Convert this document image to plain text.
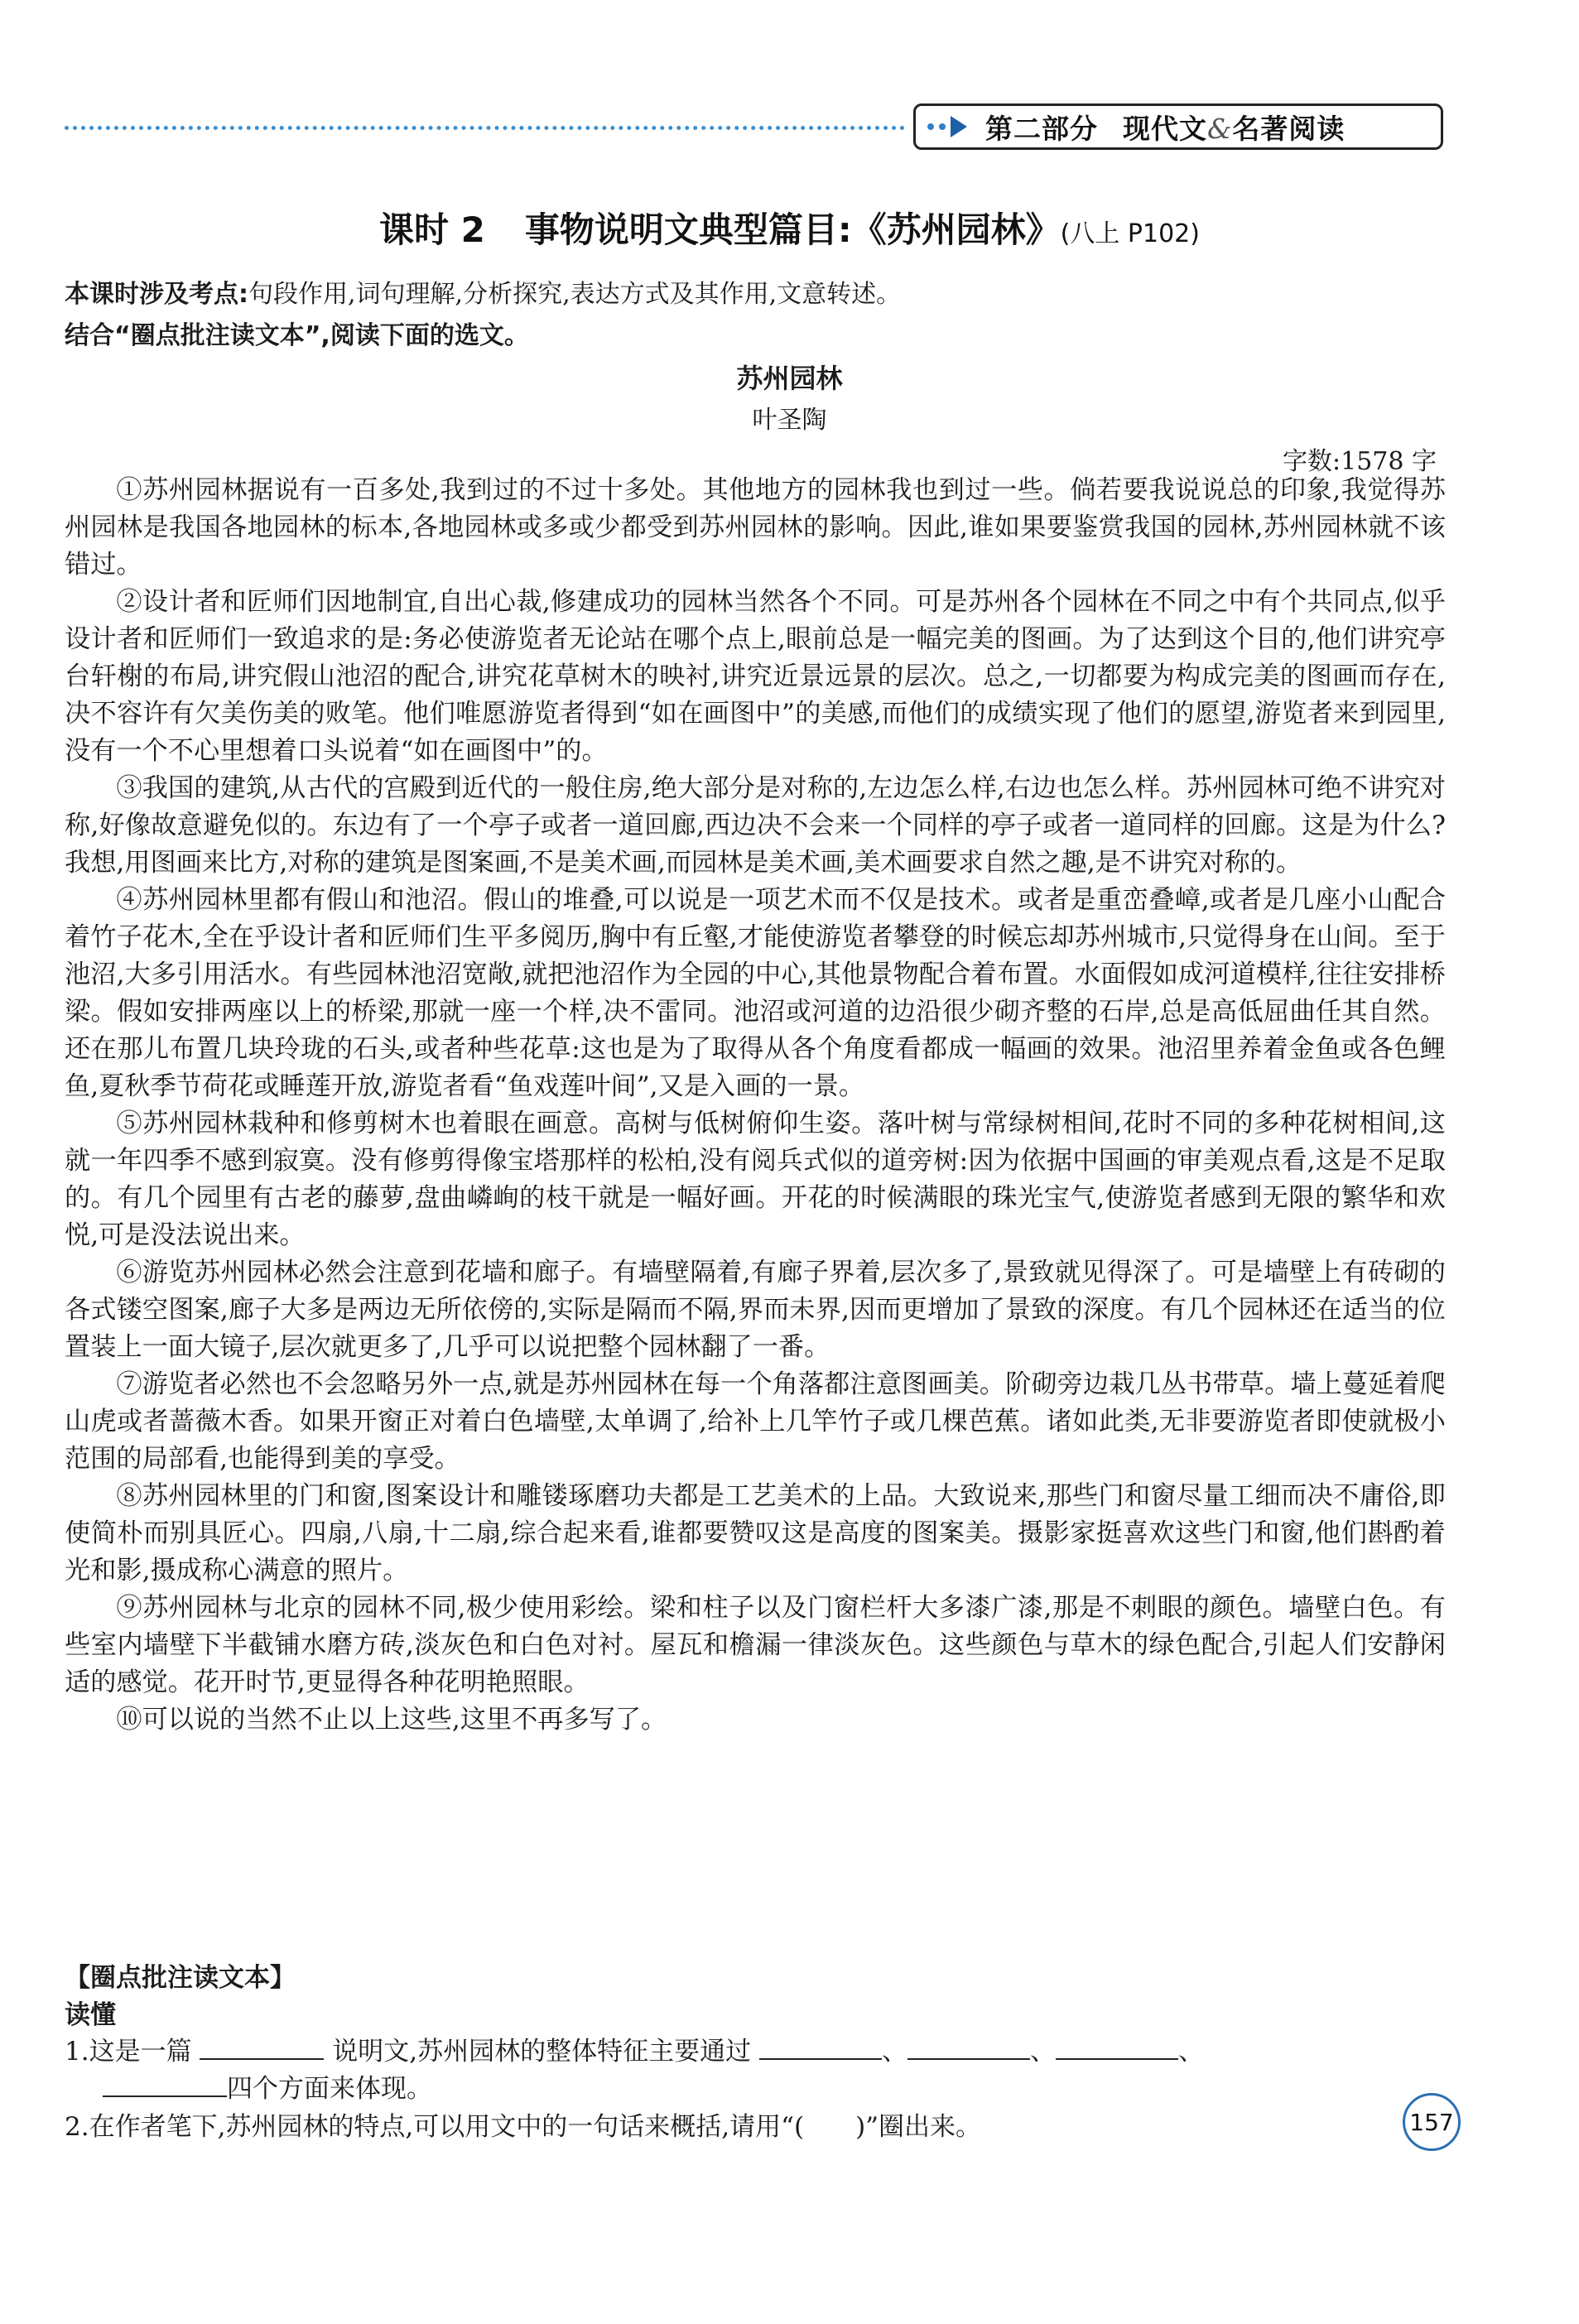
第二部分 现代文&名著阅读
课时 2 事物说明文典型篇目:《苏州园林》(八上 P102)
本课时涉及考点:句段作用,词句理解,分析探究,表达方式及其作用,文意转述。
结合“圈点批注读文本”,阅读下面的选文。
苏州园林
叶圣陶
字数:1578 字

①苏州园林据说有一百多处,我到过的不过十多处。其他地方的园林我也到过一些。倘若要我说说总的印象,我觉得苏州园林是我国各地园林的标本,各地园林或多或少都受到苏州园林的影响。因此,谁如果要鉴赏我国的园林,苏州园林就不该错过。

②设计者和匠师们因地制宜,自出心裁,修建成功的园林当然各个不同。可是苏州各个园林在不同之中有个共同点,似乎设计者和匠师们一致追求的是:务必使游览者无论站在哪个点上,眼前总是一幅完美的图画。为了达到这个目的,他们讲究亭台轩榭的布局,讲究假山池沼的配合,讲究花草树木的映衬,讲究近景远景的层次。总之,一切都要为构成完美的图画而存在,决不容许有欠美伤美的败笔。他们唯愿游览者得到“如在画图中”的美感,而他们的成绩实现了他们的愿望,游览者来到园里,没有一个不心里想着口头说着“如在画图中”的。

③我国的建筑,从古代的宫殿到近代的一般住房,绝大部分是对称的,左边怎么样,右边也怎么样。苏州园林可绝不讲究对称,好像故意避免似的。东边有了一个亭子或者一道回廊,西边决不会来一个同样的亭子或者一道同样的回廊。这是为什么?我想,用图画来比方,对称的建筑是图案画,不是美术画,而园林是美术画,美术画要求自然之趣,是不讲究对称的。

④苏州园林里都有假山和池沼。假山的堆叠,可以说是一项艺术而不仅是技术。或者是重峦叠嶂,或者是几座小山配合着竹子花木,全在乎设计者和匠师们生平多阅历,胸中有丘壑,才能使游览者攀登的时候忘却苏州城市,只觉得身在山间。至于池沼,大多引用活水。有些园林池沼宽敞,就把池沼作为全园的中心,其他景物配合着布置。水面假如成河道模样,往往安排桥梁。假如安排两座以上的桥梁,那就一座一个样,决不雷同。池沼或河道的边沿很少砌齐整的石岸,总是高低屈曲任其自然。还在那儿布置几块玲珑的石头,或者种些花草:这也是为了取得从各个角度看都成一幅画的效果。池沼里养着金鱼或各色鲤鱼,夏秋季节荷花或睡莲开放,游览者看“鱼戏莲叶间”,又是入画的一景。

⑤苏州园林栽种和修剪树木也着眼在画意。高树与低树俯仰生姿。落叶树与常绿树相间,花时不同的多种花树相间,这就一年四季不感到寂寞。没有修剪得像宝塔那样的松柏,没有阅兵式似的道旁树:因为依据中国画的审美观点看,这是不足取的。有几个园里有古老的藤萝,盘曲嶙峋的枝干就是一幅好画。开花的时候满眼的珠光宝气,使游览者感到无限的繁华和欢悦,可是没法说出来。

⑥游览苏州园林必然会注意到花墙和廊子。有墙壁隔着,有廊子界着,层次多了,景致就见得深了。可是墙壁上有砖砌的各式镂空图案,廊子大多是两边无所依傍的,实际是隔而不隔,界而未界,因而更增加了景致的深度。有几个园林还在适当的位置装上一面大镜子,层次就更多了,几乎可以说把整个园林翻了一番。

⑦游览者必然也不会忽略另外一点,就是苏州园林在每一个角落都注意图画美。阶砌旁边栽几丛书带草。墙上蔓延着爬山虎或者蔷薇木香。如果开窗正对着白色墙壁,太单调了,给补上几竿竹子或几棵芭蕉。诸如此类,无非要游览者即使就极小范围的局部看,也能得到美的享受。

⑧苏州园林里的门和窗,图案设计和雕镂琢磨功夫都是工艺美术的上品。大致说来,那些门和窗尽量工细而决不庸俗,即使简朴而别具匠心。四扇,八扇,十二扇,综合起来看,谁都要赞叹这是高度的图案美。摄影家挺喜欢这些门和窗,他们斟酌着光和影,摄成称心满意的照片。

⑨苏州园林与北京的园林不同,极少使用彩绘。梁和柱子以及门窗栏杆大多漆广漆,那是不刺眼的颜色。墙壁白色。有些室内墙壁下半截铺水磨方砖,淡灰色和白色对衬。屋瓦和檐漏一律淡灰色。这些颜色与草木的绿色配合,引起人们安静闲适的感觉。花开时节,更显得各种花明艳照眼。

⑩可以说的当然不止以上这些,这里不再多写了。

【圈点批注读文本】
读懂
1.这是一篇	说明文,苏州园林的整体特征主要通过	、	、	、
四个方面来体现。
2.在作者笔下,苏州园林的特点,可以用文中的一句话来概括,请用“(　　)”圈出来。	157
